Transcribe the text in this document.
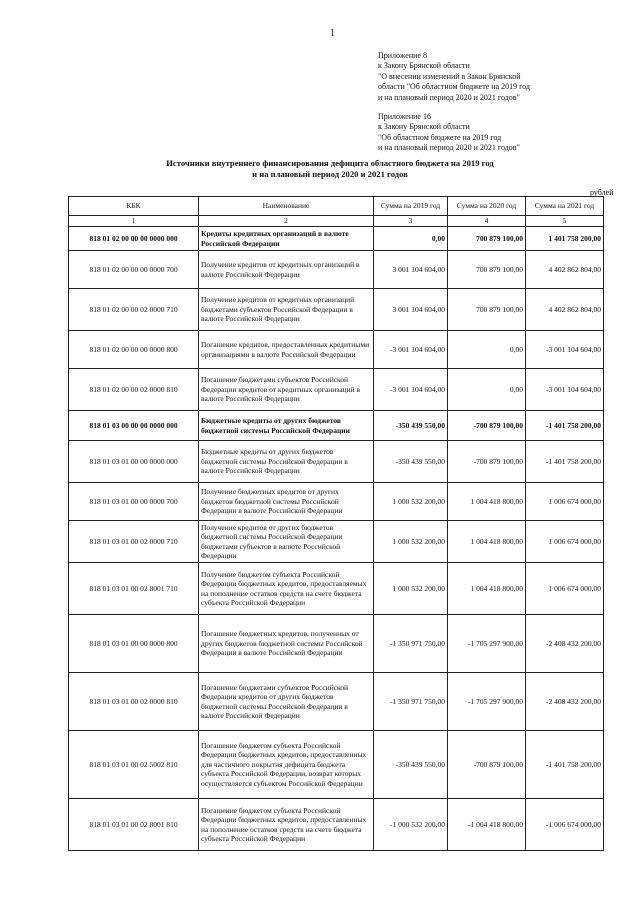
1
Приложение 8
к Закону Брянской области
"О внесении изменений в Закон Брянской
области "Об областном бюджете на 2019 год
и на плановый период 2020 и 2021 годов"
Приложение 16
к Закону Брянской области
"Об областном бюджете на 2019 год
и на плановый период 2020 и 2021 годов"
Источники внутреннего финансирования дефицита областного бюджета на 2019 год
и на плановый период 2020 и 2021 годов
рублей
КБК	Наименование	Сумма на 2019 год	Сумма на 2020 год	Сумма на 2021 год
1	2	3	4	5
818 01 02 00 00 00 0000 000	Кредиты кредитных организаций в валюте Российской Федерации	0,00	700 879 100,00	1 401 758 200,00
818 01 02 00 00 00 0000 700	Получение кредитов от кредитных организаций в валюте Российской Федерации	3 001 104 604,00	700 879 100,00	4 402 862 804,00
818 01 02 00 00 02 0000 710	Получение кредитов от кредитных организаций бюджетами субъектов Российской Федерации в валюте Российской Федерации	3 001 104 604,00	700 879 100,00	4 402 862 804,00
818 01 02 00 00 00 0000 800	Погашение кредитов, предоставленных кредитными организациями в валюте Российской Федерации	-3 001 104 604,00	0,00	-3 001 104 604,00
818 01 02 00 00 02 0000 810	Погашение бюджетами субъектов Российской Федерации кредитов от кредитных организаций в валюте Российской Федерации	-3 001 104 604,00	0,00	-3 001 104 604,00
818 01 03 00 00 00 0000 000	Бюджетные кредиты от других бюджетов бюджетной системы Российской Федерации	-350 439 550,00	-700 879 100,00	-1 401 758 200,00
818 01 03 01 00 00 0000 000	Бюджетные кредиты от других бюджетов бюджетной системы Российской Федерации в валюте Российской Федерации	-350 439 550,00	-700 879 100,00	-1 401 758 200,00
818 01 03 01 00 00 0000 700	Получение бюджетных кредитов от других бюджетов бюджетной системы Российской Федерации в валюте Российской Федерации	1 000 532 200,00	1 004 418 800,00	1 006 674 000,00
818 01 03 01 00 02 0000 710	Получение кредитов от других бюджетов бюджетной системы Российской Федерации бюджетами субъектов в валюте Российской Федерации	1 000 532 200,00	1 004 418 800,00	1 006 674 000,00
818 01 03 01 00 02 8001 710	Получение бюджетом субъекта Российской Федерации бюджетных кредитов, предоставляемых на пополнение остатков средств на счете бюджета субъекта Российской Федерации	1 000 532 200,00	1 004 418 800,00	1 006 674 000,00
818 01 03 01 00 00 0000 800	Погашение бюджетных кредитов, полученных от других бюджетов бюджетной системы Российской Федерации в валюте Российской Федерации	-1 350 971 750,00	-1 705 297 900,00	-2 408 432 200,00
818 01 03 01 00 02 0000 810	Погашение бюджетами субъектов Российской Федерации кредитов от других бюджетов бюджетной системы Российской Федерации в валюте Российской Федерации	-1 350 971 750,00	-1 705 297 900,00	-2 408 432 200,00
818 01 03 01 00 02 5002 810	Погашение бюджетом субъекта Российской Федерации бюджетных кредитов, предоставленных для частичного покрытия дефицита бюджета субъекта Российской Федерации, возврат которых осуществляется субъектом Российской Федерации	-350 439 550,00	-700 879 100,00	-1 401 758 200,00
818 01 03 01 00 02 8001 810	Погашение бюджетом субъекта Российской Федерации бюджетных кредитов, предоставленных на пополнение остатков средств на счете бюджета субъекта Российской Федерации	-1 000 532 200,00	-1 004 418 800,00	-1 006 674 000,00
